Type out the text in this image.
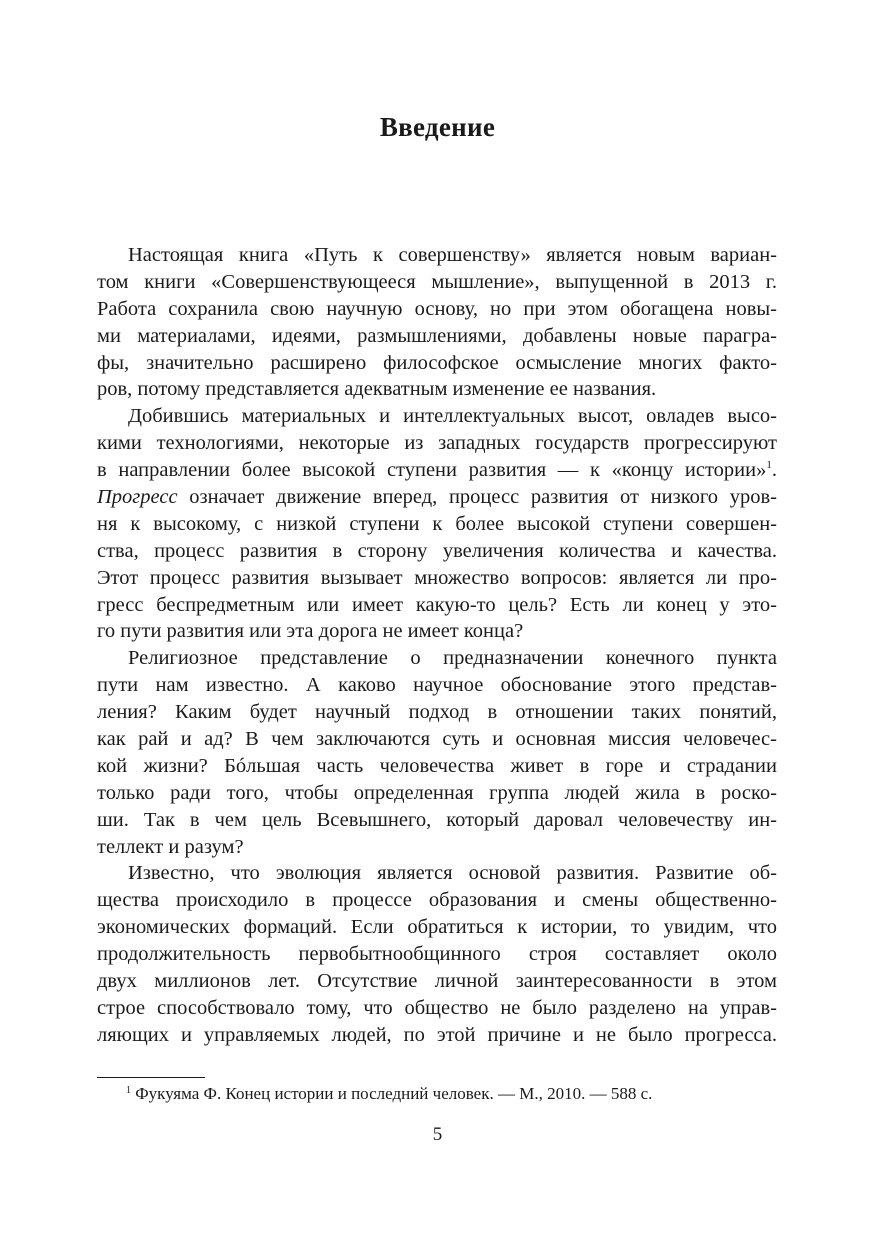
Введение
Настоящая книга «Путь к совершенству» является новым вариан-
том книги «Совершенствующееся мышление», выпущенной в 2013 г.
Работа сохранила свою научную основу, но при этом обогащена новы-
ми материалами, идеями, размышлениями, добавлены новые парагра-
фы, значительно расширено философское осмысление многих факто-
ров, потому представляется адекватным изменение ее названия.
Добившись материальных и интеллектуальных высот, овладев высо-
кими технологиями, некоторые из западных государств прогрессируют
в направлении более высокой ступени развития — к «концу истории»$^1$.
Прогресс означает движение вперед, процесс развития от низкого уров-
ня к высокому, с низкой ступени к более высокой ступени совершен-
ства, процесс развития в сторону увеличения количества и качества.
Этот процесс развития вызывает множество вопросов: является ли про-
гресс беспредметным или имеет какую-то цель? Есть ли конец у это-
го пути развития или эта дорога не имеет конца?
Религиозное представление о предназначении конечного пункта
пути нам известно. А каково научное обоснование этого представ-
ления? Каким будет научный подход в отношении таких понятий,
как рай и ад? В чем заключаются суть и основная миссия человечес-
кой жизни? Бóльшая часть человечества живет в горе и страдании
только ради того, чтобы определенная группа людей жила в роско-
ши. Так в чем цель Всевышнего, который даровал человечеству ин-
теллект и разум?
Известно, что эволюция является основой развития. Развитие об-
щества происходило в процессе образования и смены общественно-
экономических формаций. Если обратиться к истории, то увидим, что
продолжительность первобытнообщинного строя составляет около
двух миллионов лет. Отсутствие личной заинтересованности в этом
строе способствовало тому, что общество не было разделено на управ-
ляющих и управляемых людей, по этой причине и не было прогресса.
$^1$ Фукуяма Ф. Конец истории и последний человек. — М., 2010. — 588 с.
5
